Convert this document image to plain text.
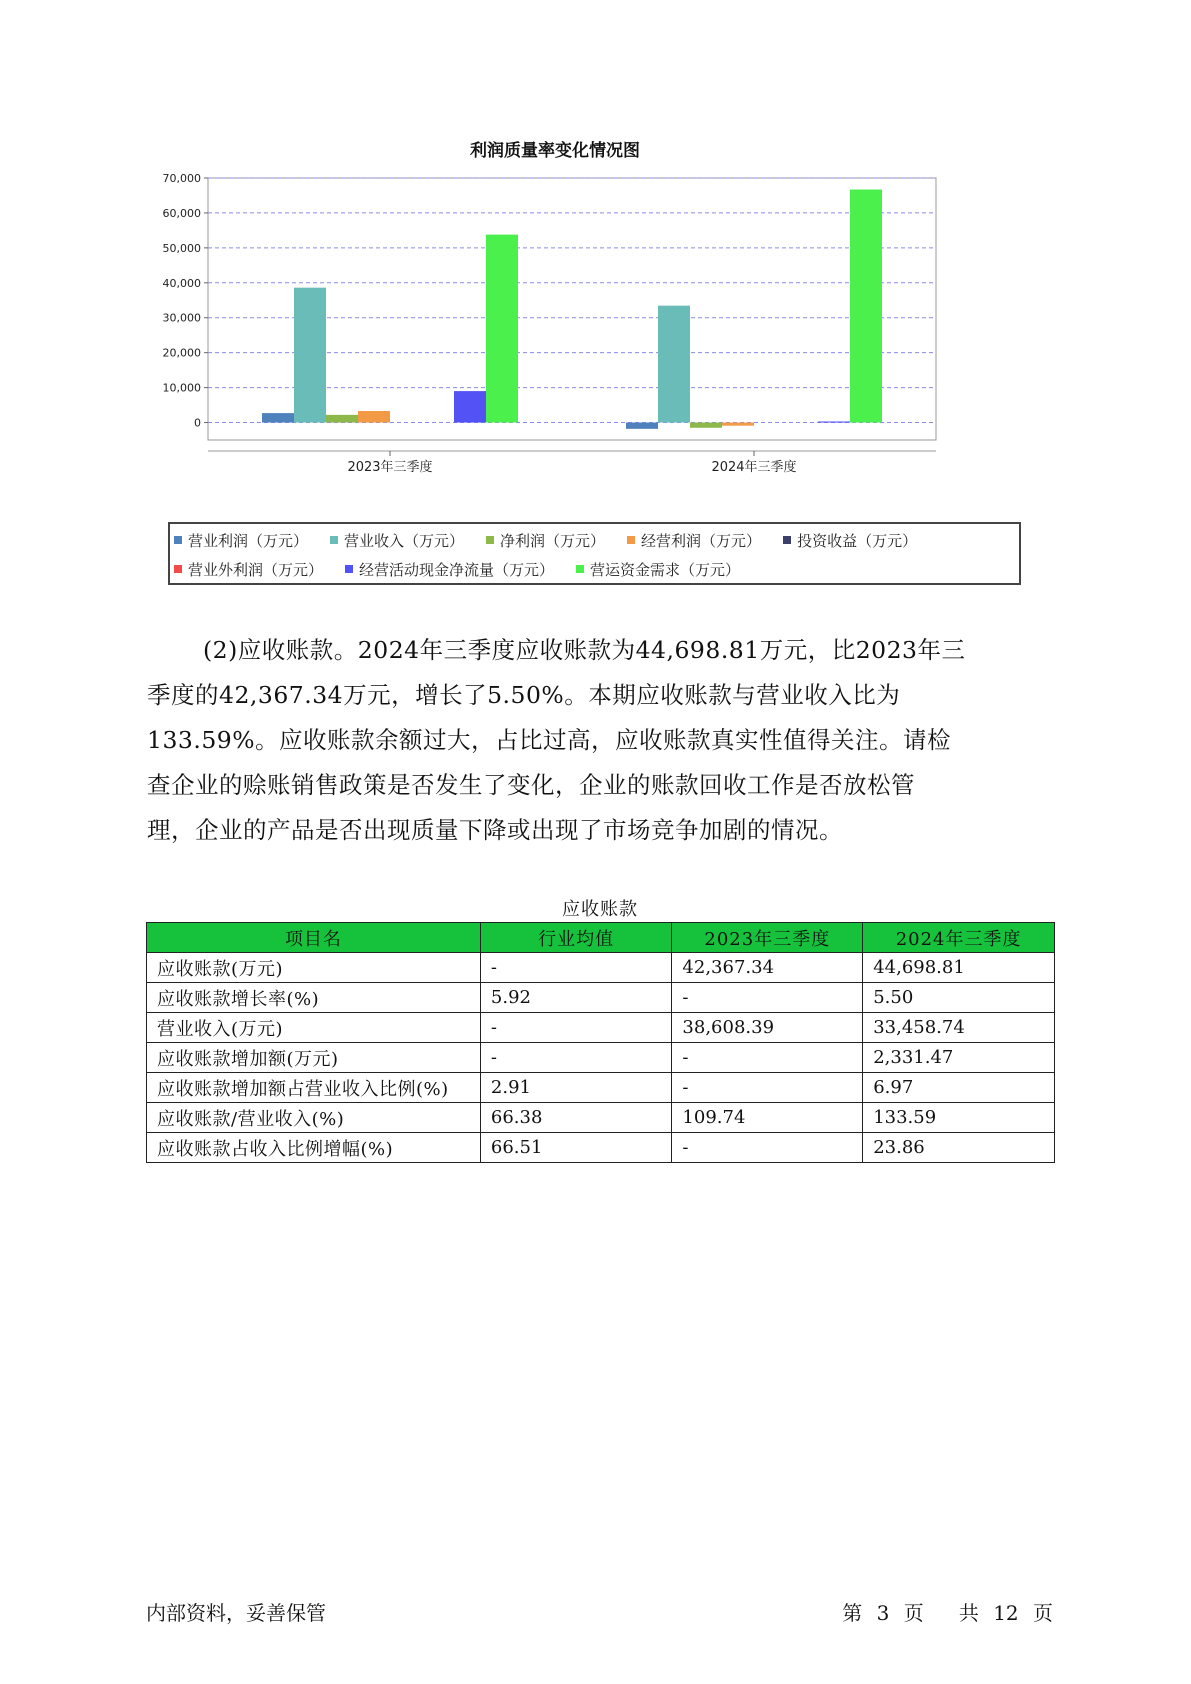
利润质量率变化情况图
0
10,000
20,000
30,000
40,000
50,000
60,000
70,000
2023年三季度	2024年三季度
营业利润（万元） 营业收入（万元） 净利润（万元） 经营利润（万元） 投资收益（万元）
营业外利润（万元） 经营活动现金净流量（万元） 营运资金需求（万元）
(2)应收账款。2024年三季度应收账款为44,698.81万元，比2023年三
季度的42,367.34万元，增长了5.50%。本期应收账款与营业收入比为
133.59%。应收账款余额过大，占比过高，应收账款真实性值得关注。请检
查企业的赊账销售政策是否发生了变化，企业的账款回收工作是否放松管
理，企业的产品是否出现质量下降或出现了市场竞争加剧的情况。
应收账款
项目名	行业均值	2023年三季度	2024年三季度
应收账款(万元)	-	42,367.34	44,698.81
应收账款增长率(%)	5.92	-	5.50
营业收入(万元)	-	38,608.39	33,458.74
应收账款增加额(万元)	-	-	2,331.47
应收账款增加额占营业收入比例(%)	2.91	-	6.97
应收账款/营业收入(%)	66.38	109.74	133.59
应收账款占收入比例增幅(%)	66.51	-	23.86
内部资料，妥善保管	第 3 页 共 12 页
